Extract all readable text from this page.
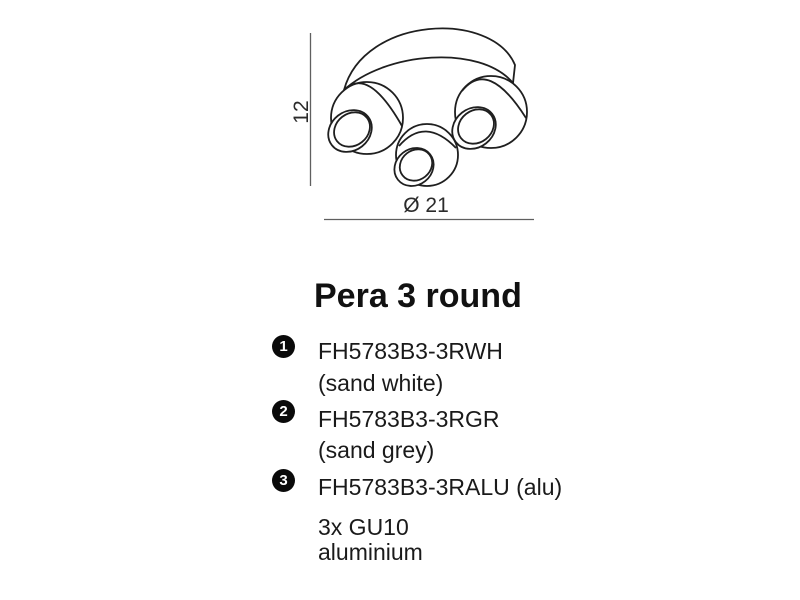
12
Ø 21
Pera 3 round
1	FH5783B3-3RWH
(sand white)
2	FH5783B3-3RGR
(sand grey)
3	FH5783B3-3RALU (alu)
3x GU10
aluminium
